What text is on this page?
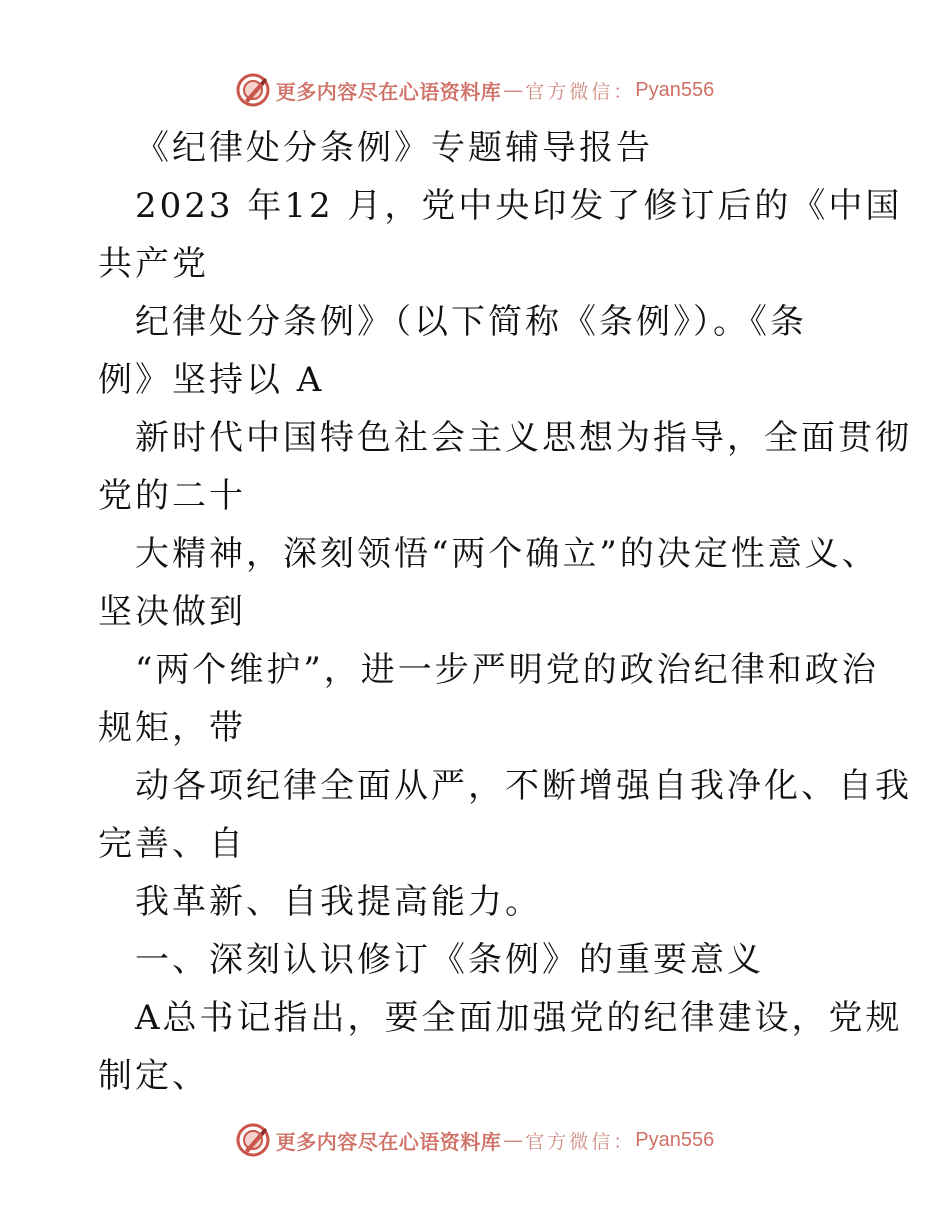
更多内容尽在心语资料库 — 官方微信： Pyan556
《纪律处分条例》专题辅导报告
2023 年12 月，党中央印发了修订后的《中国
共产党
纪律处分条例》（以下简称《条例》）。《条
例》坚持以 A
新时代中国特色社会主义思想为指导，全面贯彻
党的二十
大精神，深刻领悟“两个确立”的决定性意义、
坚决做到
“两个维护”，进一步严明党的政治纪律和政治
规矩，带
动各项纪律全面从严，不断增强自我净化、自我
完善、自
我革新、自我提高能力。
一、深刻认识修订《条例》的重要意义
A总书记指出，要全面加强党的纪律建设，党规
制定、
更多内容尽在心语资料库 — 官方微信： Pyan556
